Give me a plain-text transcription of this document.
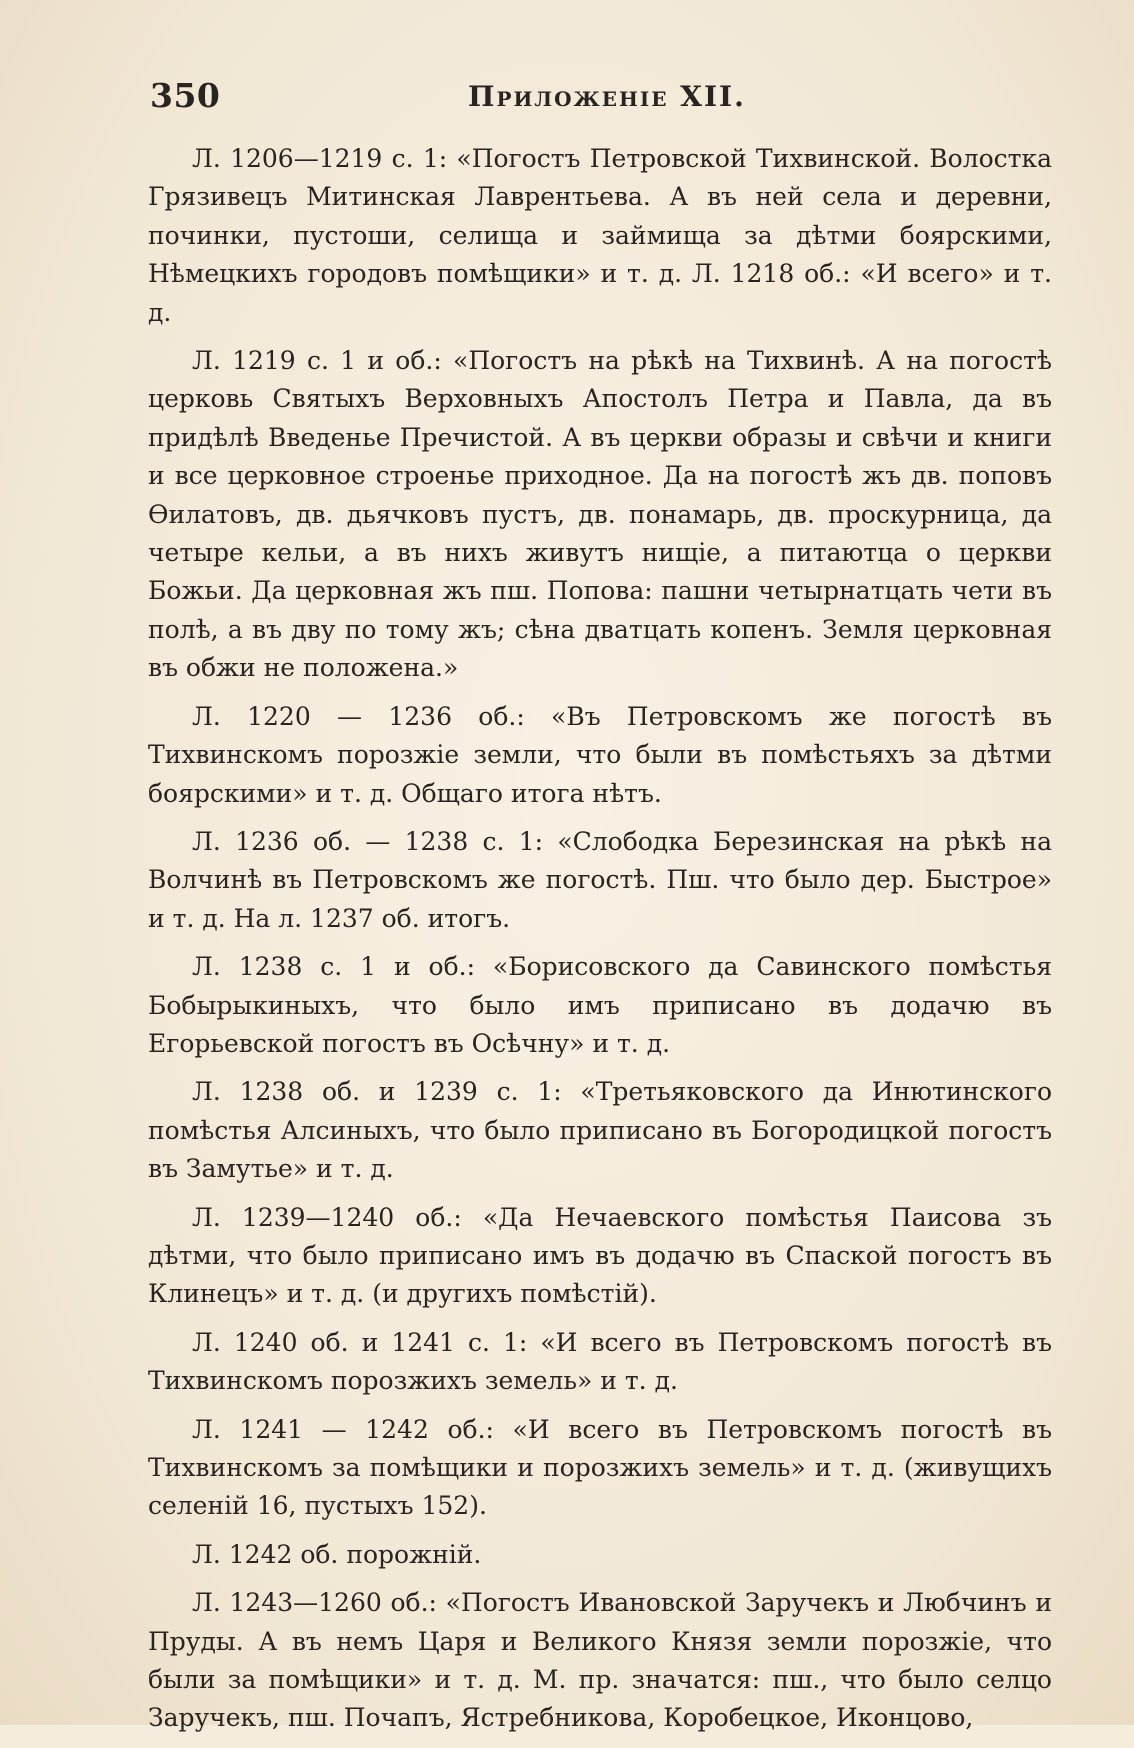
350	Приложеніе XII.

Л. 1206—1219 с. 1: «Погостъ Петровской Тихвинской. Волостка Грязивецъ Митинская Лаврентьева. А въ ней села и деревни, починки, пустоши, селища и займища за дѣтми боярскими, Нѣмецкихъ городовъ помѣщики» и т. д. Л. 1218 об.: «И всего» и т. д.

Л. 1219 с. 1 и об.: «Погостъ на рѣкѣ на Тихвинѣ. А на погостѣ церковь Святыхъ Верховныхъ Апостолъ Петра и Павла, да въ придѣлѣ Введенье Пречистой. А въ церкви образы и свѣчи и книги и все церковное строенье приходное. Да на погостѣ жъ дв. поповъ Ѳилатовъ, дв. дьячковъ пустъ, дв. понамарь, дв. проскурница, да четыре кельи, а въ нихъ живутъ нищіе, а питаютца о церкви Божьи. Да церковная жъ пш. Попова: пашни четырнатцать чети въ полѣ, а въ дву по тому жъ; сѣна дватцать копенъ. Земля церковная въ обжи не положена.»

Л. 1220 — 1236 об.: «Въ Петровскомъ же погостѣ въ Тихвинскомъ порозжіе земли, что были въ помѣстьяхъ за дѣтми боярскими» и т. д. Общаго итога нѣтъ.

Л. 1236 об. — 1238 с. 1: «Слободка Березинская на рѣкѣ на Волчинѣ въ Петровскомъ же погостѣ. Пш. что было дер. Быстрое» и т. д. На л. 1237 об. итогъ.

Л. 1238 с. 1 и об.: «Борисовского да Савинского помѣстья Бобырыкиныхъ, что было имъ приписано въ додачю въ Егорьевской погостъ въ Осѣчну» и т. д.

Л. 1238 об. и 1239 с. 1: «Третьяковского да Инютинского помѣстья Алсиныхъ, что было приписано въ Богородицкой погостъ въ Замутье» и т. д.

Л. 1239—1240 об.: «Да Нечаевского помѣстья Паисова зъ дѣтми, что было приписано имъ въ додачю въ Спаской погостъ въ Клинецъ» и т. д. (и другихъ помѣстій).

Л. 1240 об. и 1241 с. 1: «И всего въ Петровскомъ погостѣ въ Тихвинскомъ порозжихъ земель» и т. д.

Л. 1241 — 1242 об.: «И всего въ Петровскомъ погостѣ въ Тихвинскомъ за помѣщики и порозжихъ земель» и т. д. (живущихъ селеній 16, пустыхъ 152).

Л. 1242 об. порожній.

Л. 1243—1260 об.: «Погостъ Ивановской Заручекъ и Любчинъ и Пруды. А въ немъ Царя и Великого Князя земли порозжіе, что были за помѣщики» и т. д. М. пр. значатся: пш., что было селцо Заручекъ, пш. Почапъ, Ястребникова, Коробецкое, Иконцово,
